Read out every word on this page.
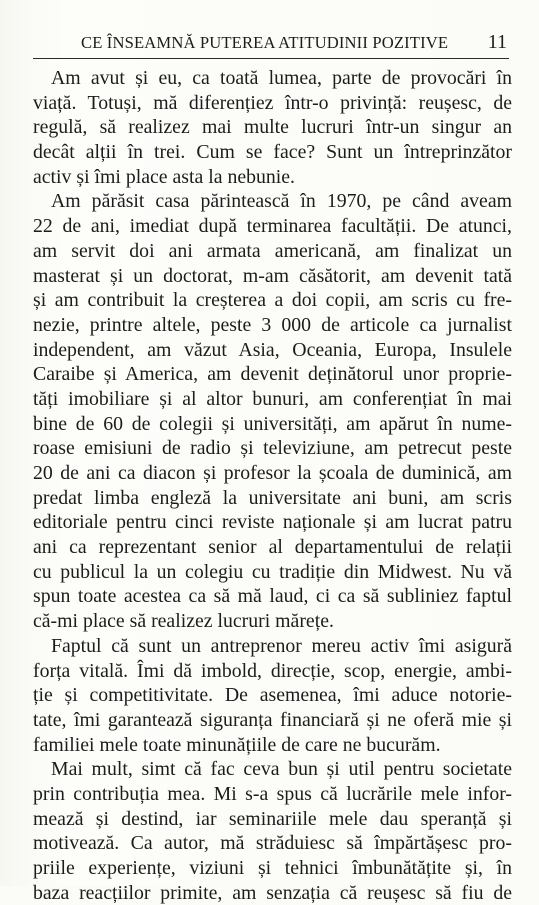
CE ÎNSEAMNĂ PUTEREA ATITUDINII POZITIVE 11
Am avut și eu, ca toată lumea, parte de provocări în
viață. Totuși, mă diferențiez într-o privință: reușesc, de
regulă, să realizez mai multe lucruri într-un singur an
decât alții în trei. Cum se face? Sunt un întreprinzător
activ și îmi place asta la nebunie.
Am părăsit casa părintească în 1970, pe când aveam
22 de ani, imediat după terminarea facultății. De atunci,
am servit doi ani armata americană, am finalizat un
masterat și un doctorat, m-am căsătorit, am devenit tată
și am contribuit la creșterea a doi copii, am scris cu fre-
nezie, printre altele, peste 3 000 de articole ca jurnalist
independent, am văzut Asia, Oceania, Europa, Insulele
Caraibe și America, am devenit deținătorul unor proprie-
tăți imobiliare și al altor bunuri, am conferențiat în mai
bine de 60 de colegii și universități, am apărut în nume-
roase emisiuni de radio și televiziune, am petrecut peste
20 de ani ca diacon și profesor la școala de duminică, am
predat limba engleză la universitate ani buni, am scris
editoriale pentru cinci reviste naționale și am lucrat patru
ani ca reprezentant senior al departamentului de relații
cu publicul la un colegiu cu tradiție din Midwest. Nu vă
spun toate acestea ca să mă laud, ci ca să subliniez faptul
că-mi place să realizez lucruri mărețe.
Faptul că sunt un antreprenor mereu activ îmi asigură
forța vitală. Îmi dă imbold, direcție, scop, energie, ambi-
ție și competitivitate. De asemenea, îmi aduce notorie-
tate, îmi garantează siguranța financiară și ne oferă mie și
familiei mele toate minunățiile de care ne bucurăm.
Mai mult, simt că fac ceva bun și util pentru societate
prin contribuția mea. Mi s-a spus că lucrările mele infor-
mează și destind, iar seminariile mele dau speranță și
motivează. Ca autor, mă străduiesc să împărtășesc pro-
priile experiențe, viziuni și tehnici îmbunătățite și, în
baza reacțiilor primite, am senzația că reușesc să fiu de
